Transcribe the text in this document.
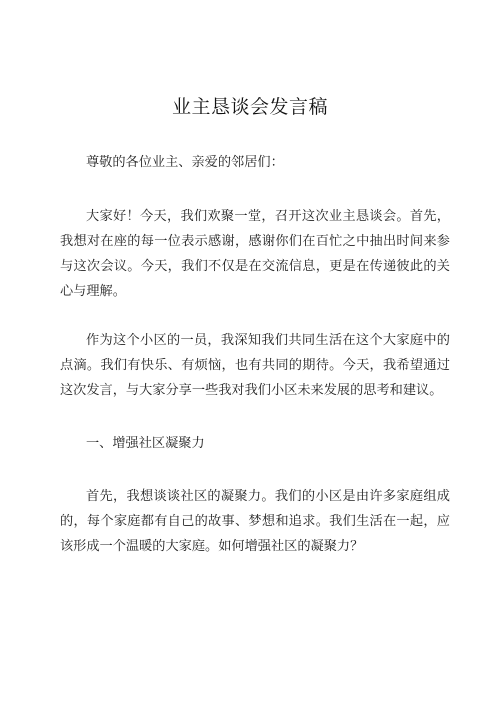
业主恳谈会发言稿

尊敬的各位业主、亲爱的邻居们：

大家好！今天，我们欢聚一堂，召开这次业主恳谈会。首先，我想对在座的每一位表示感谢，感谢你们在百忙之中抽出时间来参与这次会议。今天，我们不仅是在交流信息，更是在传递彼此的关心与理解。

作为这个小区的一员，我深知我们共同生活在这个大家庭中的点滴。我们有快乐、有烦恼，也有共同的期待。今天，我希望通过这次发言，与大家分享一些我对我们小区未来发展的思考和建议。

一、增强社区凝聚力

首先，我想谈谈社区的凝聚力。我们的小区是由许多家庭组成的，每个家庭都有自己的故事、梦想和追求。我们生活在一起，应该形成一个温暖的大家庭。如何增强社区的凝聚力？
